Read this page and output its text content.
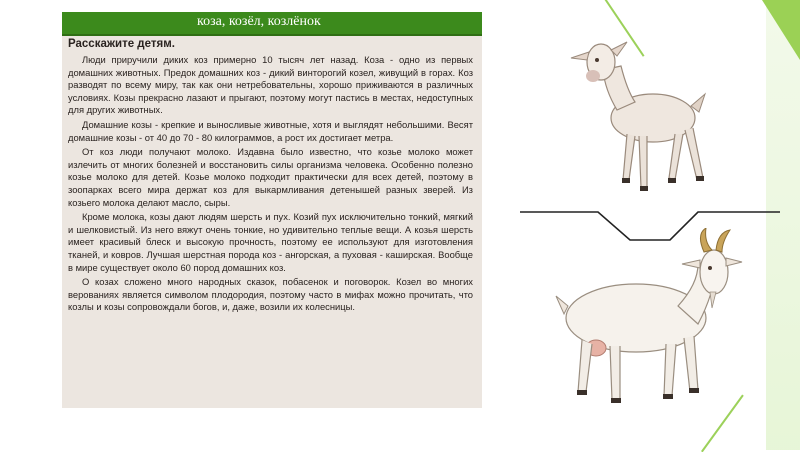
коза, козёл, козлёнок
Расскажите детям.

Люди приручили диких коз примерно 10 тысяч лет назад. Коза - одно из первых домашних животных. Предок домашних коз - дикий винторогий козел, живущий в горах. Коз разводят по всему миру, так как они нетребовательны, хорошо приживаются в различных условиях. Козы прекрасно лазают и прыгают, поэтому могут пастись в местах, недоступных для других животных.

Домашние козы - крепкие и выносливые животные, хотя и выглядят небольшими. Весят домашние козы - от 40 до 70 - 80 килограммов, а рост их достигает метра.

От коз люди получают молоко. Издавна было известно, что козье молоко может излечить от многих болезней и восстановить силы организма человека. Особенно полезно козье молоко для детей. Козье молоко подходит практически для всех детей, поэтому в зоопарках всего мира держат коз для выкармливания детенышей разных зверей. Из козьего молока делают масло, сыры.

Кроме молока, козы дают людям шерсть и пух. Козий пух исключительно тонкий, мягкий и шелковистый. Из него вяжут очень тонкие, но удивительно теплые вещи. А козья шерсть имеет красивый блеск и высокую прочность, поэтому ее используют для изготовления тканей, и ковров. Лучшая шерстная порода коз - ангорская, а пуховая - каширская. Вообще в мире существует около 60 пород домашних коз.

О козах сложено много народных сказок, побасенок и поговорок. Козел во многих верованиях является символом плодородия, поэтому часто в мифах можно прочитать, что козлы и козы сопровождали богов, и, даже, возили их колесницы.
